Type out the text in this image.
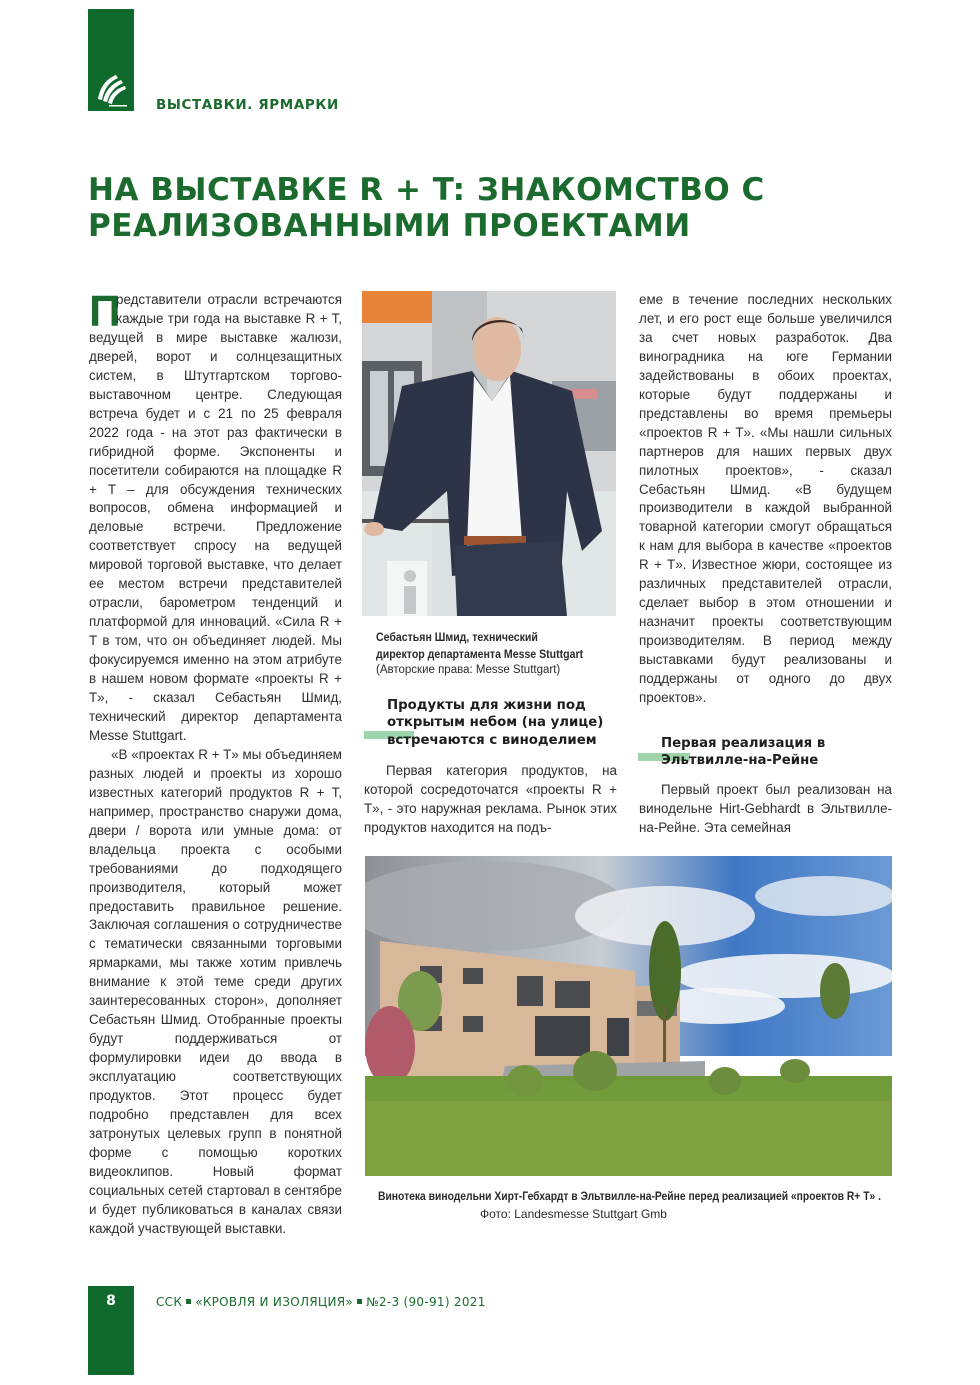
ВЫСТАВКИ. ЯРМАРКИ
НА ВЫСТАВКЕ R + T: ЗНАКОМСТВО С РЕАЛИЗОВАННЫМИ ПРОЕКТАМИ
П

редставители отрасли встречаются каждые три года на выставке R + T, ведущей в мире выставке жалюзи, дверей, ворот и солнцезащитных систем, в Штутгартском торгово-выставочном центре. Следующая встреча будет и с 21 по 25 февраля 2022 года - на этот раз фактически в гибридной форме. Экспоненты и посетители собираются на площадке R + T – для обсуждения технических вопросов, обмена информацией и деловые встречи. Предложение соответствует спросу на ведущей мировой торговой выставке, что делает ее местом встречи представителей отрасли, барометром тенденций и платформой для инноваций. «Сила R + T в том, что он объединяет людей. Мы фокусируемся именно на этом атрибуте в нашем новом формате «проекты R + T», - сказал Себастьян Шмид, технический директор департамента Messe Stuttgart.

«В «проектах R + T» мы объединяем разных людей и проекты из хорошо известных категорий продуктов R + T, например, пространство снаружи дома, двери / ворота или умные дома: от владельца проекта с особыми требованиями до подходящего производителя, который может предоставить правильное решение. Заключая соглашения о сотрудничестве с тематически связанными торговыми ярмарками, мы также хотим привлечь внимание к этой теме среди других заинтересованных сторон», дополняет Себастьян Шмид. Отобранные проекты будут поддерживаться от формулировки идеи до ввода в эксплуатацию соответствующих продуктов. Этот процесс будет подробно представлен для всех затронутых целевых групп в понятной форме с помощью коротких видеоклипов. Новый формат социальных сетей стартовал в сентябре и будет публиковаться в каналах связи каждой участвующей выставки.

Себастьян Шмид, технический
директор департамента Messe Stuttgart
(Авторские права: Messe Stuttgart)
Продукты для жизни под открытым небом (на улице) встречаются с виноделием

Первая категория продуктов, на которой сосредоточатся «проекты R + T», - это наружная реклама. Рынок этих продуктов находится на подъ-

еме в течение последних нескольких лет, и его рост еще больше увеличился за счет новых разработок. Два виноградника на юге Германии задействованы в обоих проектах, которые будут поддержаны и представлены во время премьеры «проектов R + T». «Мы нашли сильных партнеров для наших первых двух пилотных проектов», - сказал Себастьян Шмид. «В будущем производители в каждой выбранной товарной категории смогут обращаться к нам для выбора в качестве «проектов R + T». Известное жюри, состоящее из различных представителей отрасли, сделает выбор в этом отношении и назначит проекты соответствующим производителям. В период между выставками будут реализованы и поддержаны от одного до двух проектов».

Первая реализация в Эльтвилле-на-Рейне

Первый проект был реализован на винодельне Hirt-Gebhardt в Эльтвилле-на-Рейне. Эта семейная

Винотека винодельни Хирт-Гебхардт в Эльтвилле-на-Рейне перед реализацией «проектов R+ T» .
Фото: Landesmesse Stuttgart Gmb
8	ССК «КРОВЛЯ И ИЗОЛЯЦИЯ» №2-3 (90-91) 2021
